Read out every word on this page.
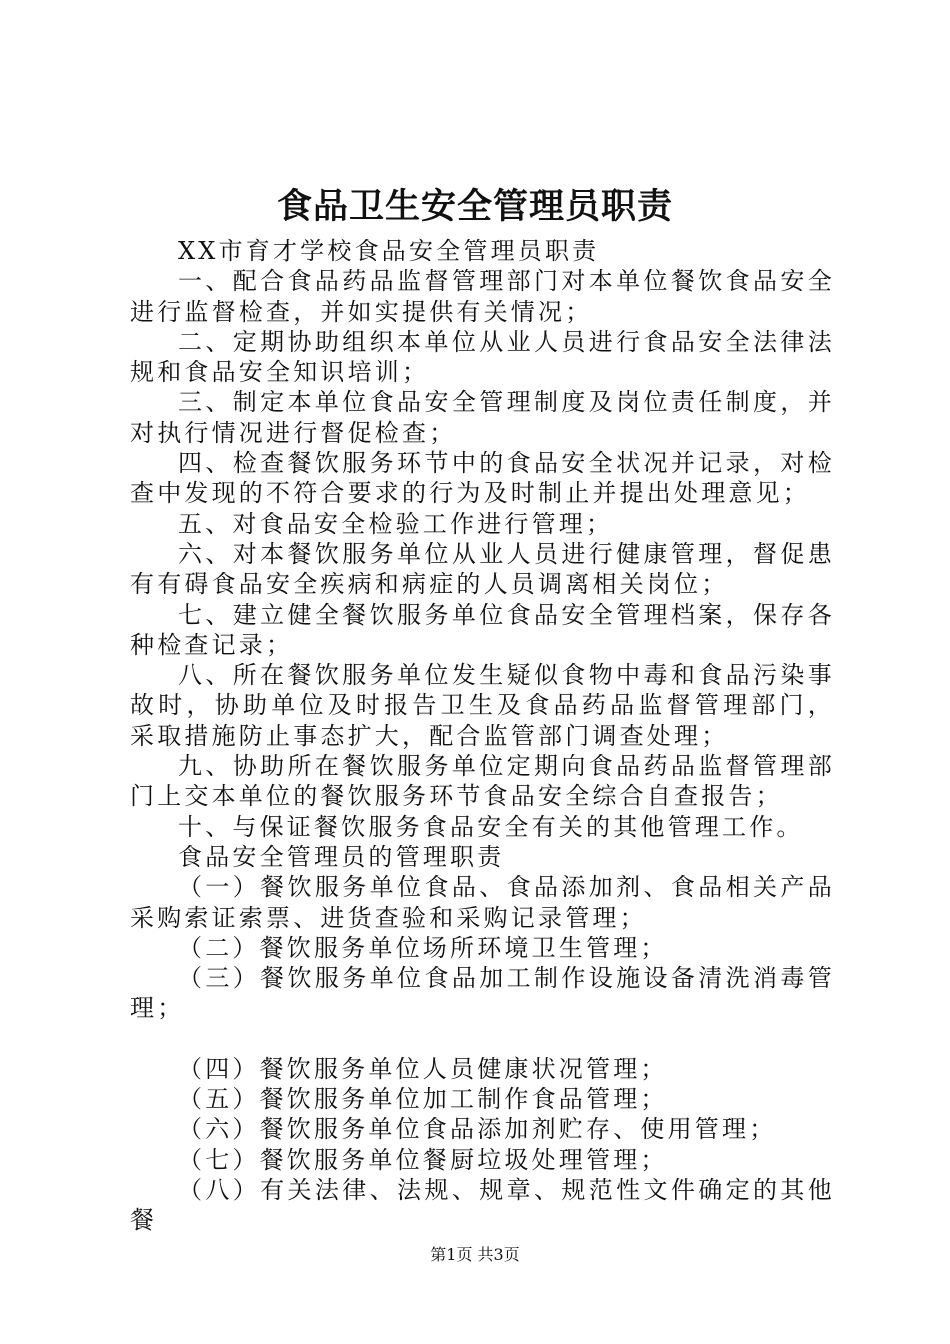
食品卫生安全管理员职责

XX市育才学校食品安全管理员职责

一、配合食品药品监督管理部门对本单位餐饮食品安全进行监督检查，并如实提供有关情况；

二、定期协助组织本单位从业人员进行食品安全法律法规和食品安全知识培训；

三、制定本单位食品安全管理制度及岗位责任制度，并对执行情况进行督促检查；

四、检查餐饮服务环节中的食品安全状况并记录，对检查中发现的不符合要求的行为及时制止并提出处理意见；

五、对食品安全检验工作进行管理；

六、对本餐饮服务单位从业人员进行健康管理，督促患有有碍食品安全疾病和病症的人员调离相关岗位；

七、建立健全餐饮服务单位食品安全管理档案，保存各种检查记录；

八、所在餐饮服务单位发生疑似食物中毒和食品污染事故时，协助单位及时报告卫生及食品药品监督管理部门，采取措施防止事态扩大，配合监管部门调查处理；

九、协助所在餐饮服务单位定期向食品药品监督管理部门上交本单位的餐饮服务环节食品安全综合自查报告；

十、与保证餐饮服务食品安全有关的其他管理工作。

食品安全管理员的管理职责

（一）餐饮服务单位食品、食品添加剂、食品相关产品采购索证索票、进货查验和采购记录管理；

（二）餐饮服务单位场所环境卫生管理；

（三）餐饮服务单位食品加工制作设施设备清洗消毒管理；

（四）餐饮服务单位人员健康状况管理；

（五）餐饮服务单位加工制作食品管理；

（六）餐饮服务单位食品添加剂贮存、使用管理；

（七）餐饮服务单位餐厨垃圾处理管理；

（八）有关法律、法规、规章、规范性文件确定的其他餐

第1页 共3页
